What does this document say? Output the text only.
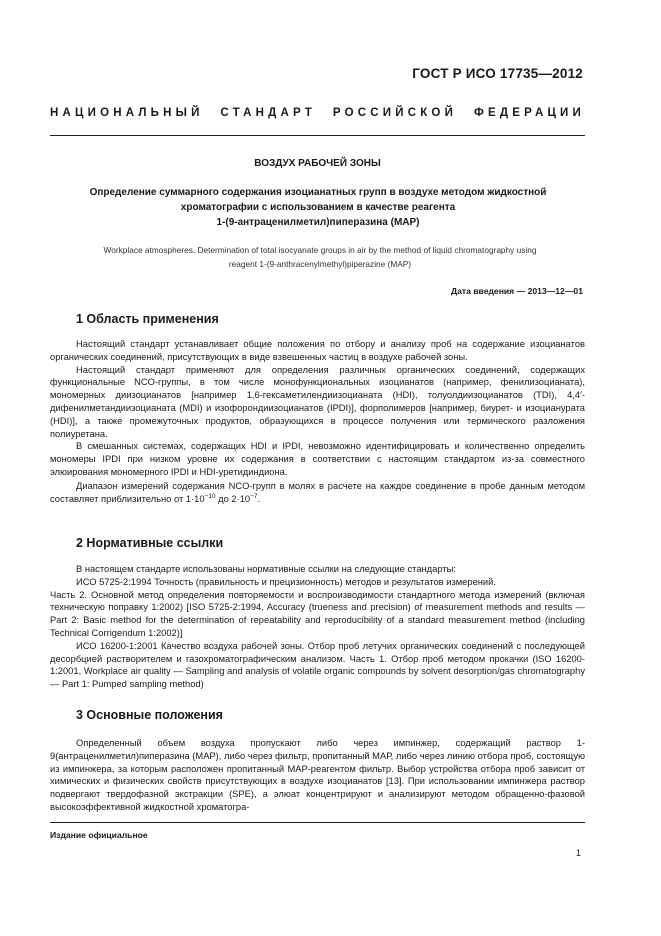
ГОСТ Р ИСО 17735—2012
НАЦИОНАЛЬНЫЙ СТАНДАРТ РОССИЙСКОЙ ФЕДЕРАЦИИ
ВОЗДУХ РАБОЧЕЙ ЗОНЫ
Определение суммарного содержания изоцианатных групп в воздухе методом жидкостной
хроматографии с использованием в качестве реагента
1-(9-антраценилметил)пиперазина (МАР)
Workplace atmospheres. Determination of total isocyanate groups in air by the method of liquid chromatography using
reagent 1-(9-anthracenylmethyl)piperazine (MAP)
Дата введения — 2013—12—01
1 Область применения

Настоящий стандарт устанавливает общие положения по отбору и анализу проб на содержание изоцианатов органических соединений, присутствующих в виде взвешенных частиц в воздухе рабочей зоны.

Настоящий стандарт применяют для определения различных органических соединений, содержащих функциональные NCO-группы, в том числе монофункциональных изоцианатов (например, фенилизоцианата), мономерных диизоцианатов [например 1,6-гексаметилендиизоцианата (HDI), толуолдиизоцианатов (TDI), 4,4′-дифенилметандиизоцианата (MDI) и изофорондиизоцианатов (IPDI)], форполимеров [например, биурет- и изоцианурата (HDI)], а также промежуточных продуктов, образующихся в процессе получения или термического разложения полиуретана.

В смешанных системах, содержащих HDI и IPDI, невозможно идентифицировать и количественно определить мономеры IPDI при низком уровне их содержания в соответствии с настоящим стандартом из-за совместного элюирования мономерного IPDI и HDI-уретидиндиона.

Диапазон измерений содержания NCO-групп в молях в расчете на каждое соединение в пробе данным методом составляет приблизительно от $1\cdot 10^{-10}$ до $2\cdot 10^{-7}$.

2 Нормативные ссылки

В настоящем стандарте использованы нормативные ссылки на следующие стандарты:

ИСО 5725-2:1994 Точность (правильность и прецизионность) методов и результатов измерений.

Часть 2. Основной метод определения повторяемости и воспроизводимости стандартного метода измерений (включая техническую поправку 1:2002) [ISO 5725-2:1994, Accuracy (trueness and precision) of measurement methods and results — Part 2: Basic method for the determination of repeatability and reproducibility of a standard measurement method (including Technical Corrigendum 1:2002)]

ИСО 16200-1:2001 Качество воздуха рабочей зоны. Отбор проб летучих органических соединений с последующей десорбцией растворителем и газохроматографическим анализом. Часть 1. Отбор проб методом прокачки (ISO 16200-1:2001, Workplace air quality — Sampling and analysis of volatile organic compounds by solvent desorption/gas chromatography — Part 1: Pumped sampling method)

3 Основные положения

Определенный объем воздуха пропускают либо через импинжер, содержащий раствор 1-9(антраценилметил)пиперазина (МАР), либо через фильтр, пропитанный МАР, либо через линию отбора проб, состоящую из импинжера, за которым расположен пропитанный МАР-реагентом фильтр. Выбор устройства отбора проб зависит от химических и физических свойств присутствующих в воздухе изоцианатов [13]. При использовании импинжера раствор подвергают твердофазной экстракции (SPE), а элюат концентрируют и анализируют методом обращенно-фазовой высокоэффективной жидкостной хроматогра-

Издание официальное
1
